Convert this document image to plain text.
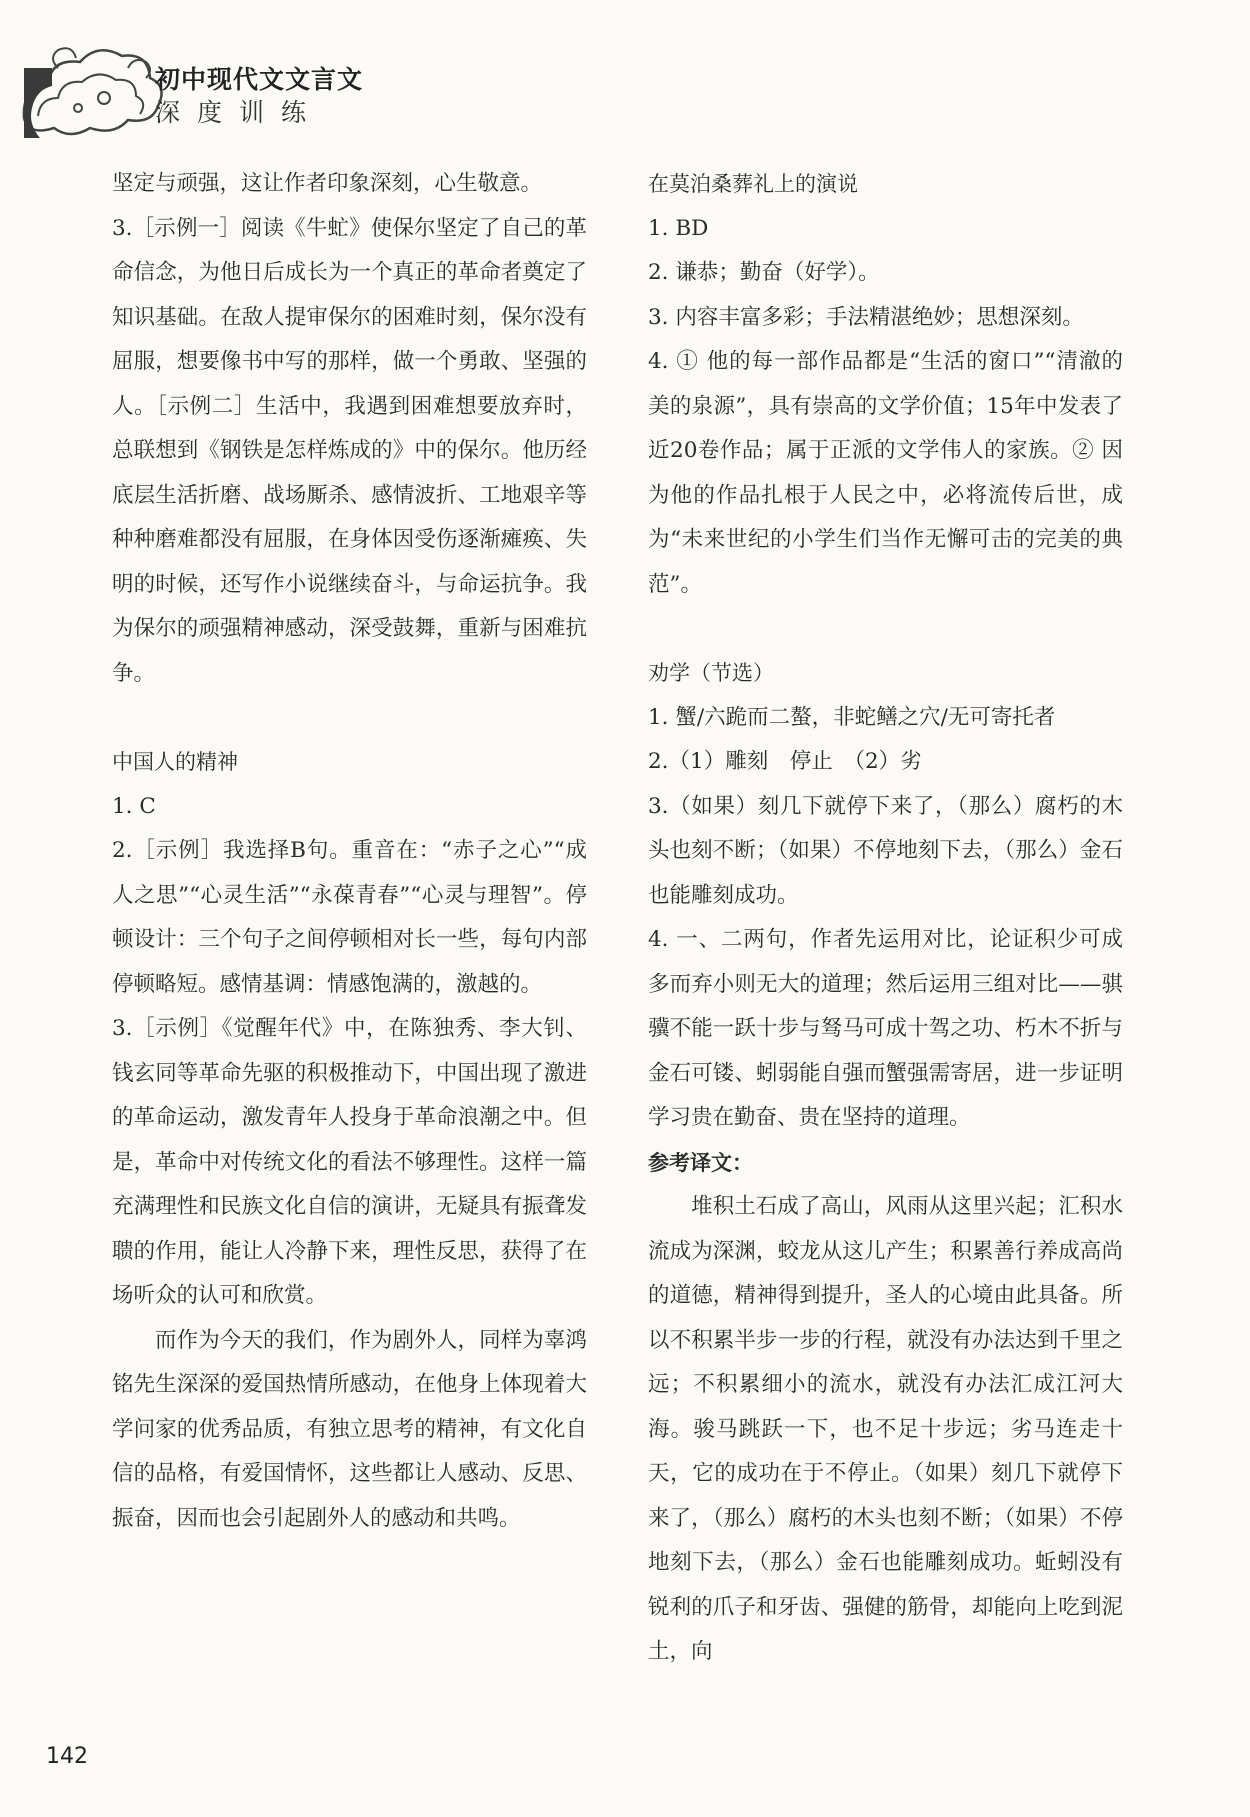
初中现代文文言文
深度训练

坚定与顽强，这让作者印象深刻，心生敬意。

3.［示例一］阅读《牛虻》使保尔坚定了自己的革命信念，为他日后成长为一个真正的革命者奠定了知识基础。在敌人提审保尔的困难时刻，保尔没有屈服，想要像书中写的那样，做一个勇敢、坚强的人。［示例二］生活中，我遇到困难想要放弃时，总联想到《钢铁是怎样炼成的》中的保尔。他历经底层生活折磨、战场厮杀、感情波折、工地艰辛等种种磨难都没有屈服，在身体因受伤逐渐瘫痪、失明的时候，还写作小说继续奋斗，与命运抗争。我为保尔的顽强精神感动，深受鼓舞，重新与困难抗争。

中国人的精神

1. C

2.［示例］我选择B句。重音在：“赤子之心”“成人之思”“心灵生活”“永葆青春”“心灵与理智”。停顿设计：三个句子之间停顿相对长一些，每句内部停顿略短。感情基调：情感饱满的，激越的。

3.［示例］《觉醒年代》中，在陈独秀、李大钊、钱玄同等革命先驱的积极推动下，中国出现了激进的革命运动，激发青年人投身于革命浪潮之中。但是，革命中对传统文化的看法不够理性。这样一篇充满理性和民族文化自信的演讲，无疑具有振聋发聩的作用，能让人冷静下来，理性反思，获得了在场听众的认可和欣赏。

而作为今天的我们，作为剧外人，同样为辜鸿铭先生深深的爱国热情所感动，在他身上体现着大学问家的优秀品质，有独立思考的精神，有文化自信的品格，有爱国情怀，这些都让人感动、反思、振奋，因而也会引起剧外人的感动和共鸣。

在莫泊桑葬礼上的演说

1. BD

2. 谦恭；勤奋（好学）。

3. 内容丰富多彩；手法精湛绝妙；思想深刻。

4. ① 他的每一部作品都是“生活的窗口”“清澈的美的泉源”，具有崇高的文学价值；15年中发表了近20卷作品；属于正派的文学伟人的家族。② 因为他的作品扎根于人民之中，必将流传后世，成为“未来世纪的小学生们当作无懈可击的完美的典范”。

劝学（节选）

1. 蟹/六跪而二螯，非蛇鳝之穴/无可寄托者

2.（1）雕刻　停止　（2）劣

3.（如果）刻几下就停下来了，（那么）腐朽的木头也刻不断；（如果）不停地刻下去，（那么）金石也能雕刻成功。

4. 一、二两句，作者先运用对比，论证积少可成多而弃小则无大的道理；然后运用三组对比——骐骥不能一跃十步与驽马可成十驾之功、朽木不折与金石可镂、蚓弱能自强而蟹强需寄居，进一步证明学习贵在勤奋、贵在坚持的道理。

参考译文：

堆积土石成了高山，风雨从这里兴起；汇积水流成为深渊，蛟龙从这儿产生；积累善行养成高尚的道德，精神得到提升，圣人的心境由此具备。所以不积累半步一步的行程，就没有办法达到千里之远；不积累细小的流水，就没有办法汇成江河大海。骏马跳跃一下，也不足十步远；劣马连走十天，它的成功在于不停止。（如果）刻几下就停下来了，（那么）腐朽的木头也刻不断；（如果）不停地刻下去，（那么）金石也能雕刻成功。蚯蚓没有锐利的爪子和牙齿、强健的筋骨，却能向上吃到泥土，向

142
